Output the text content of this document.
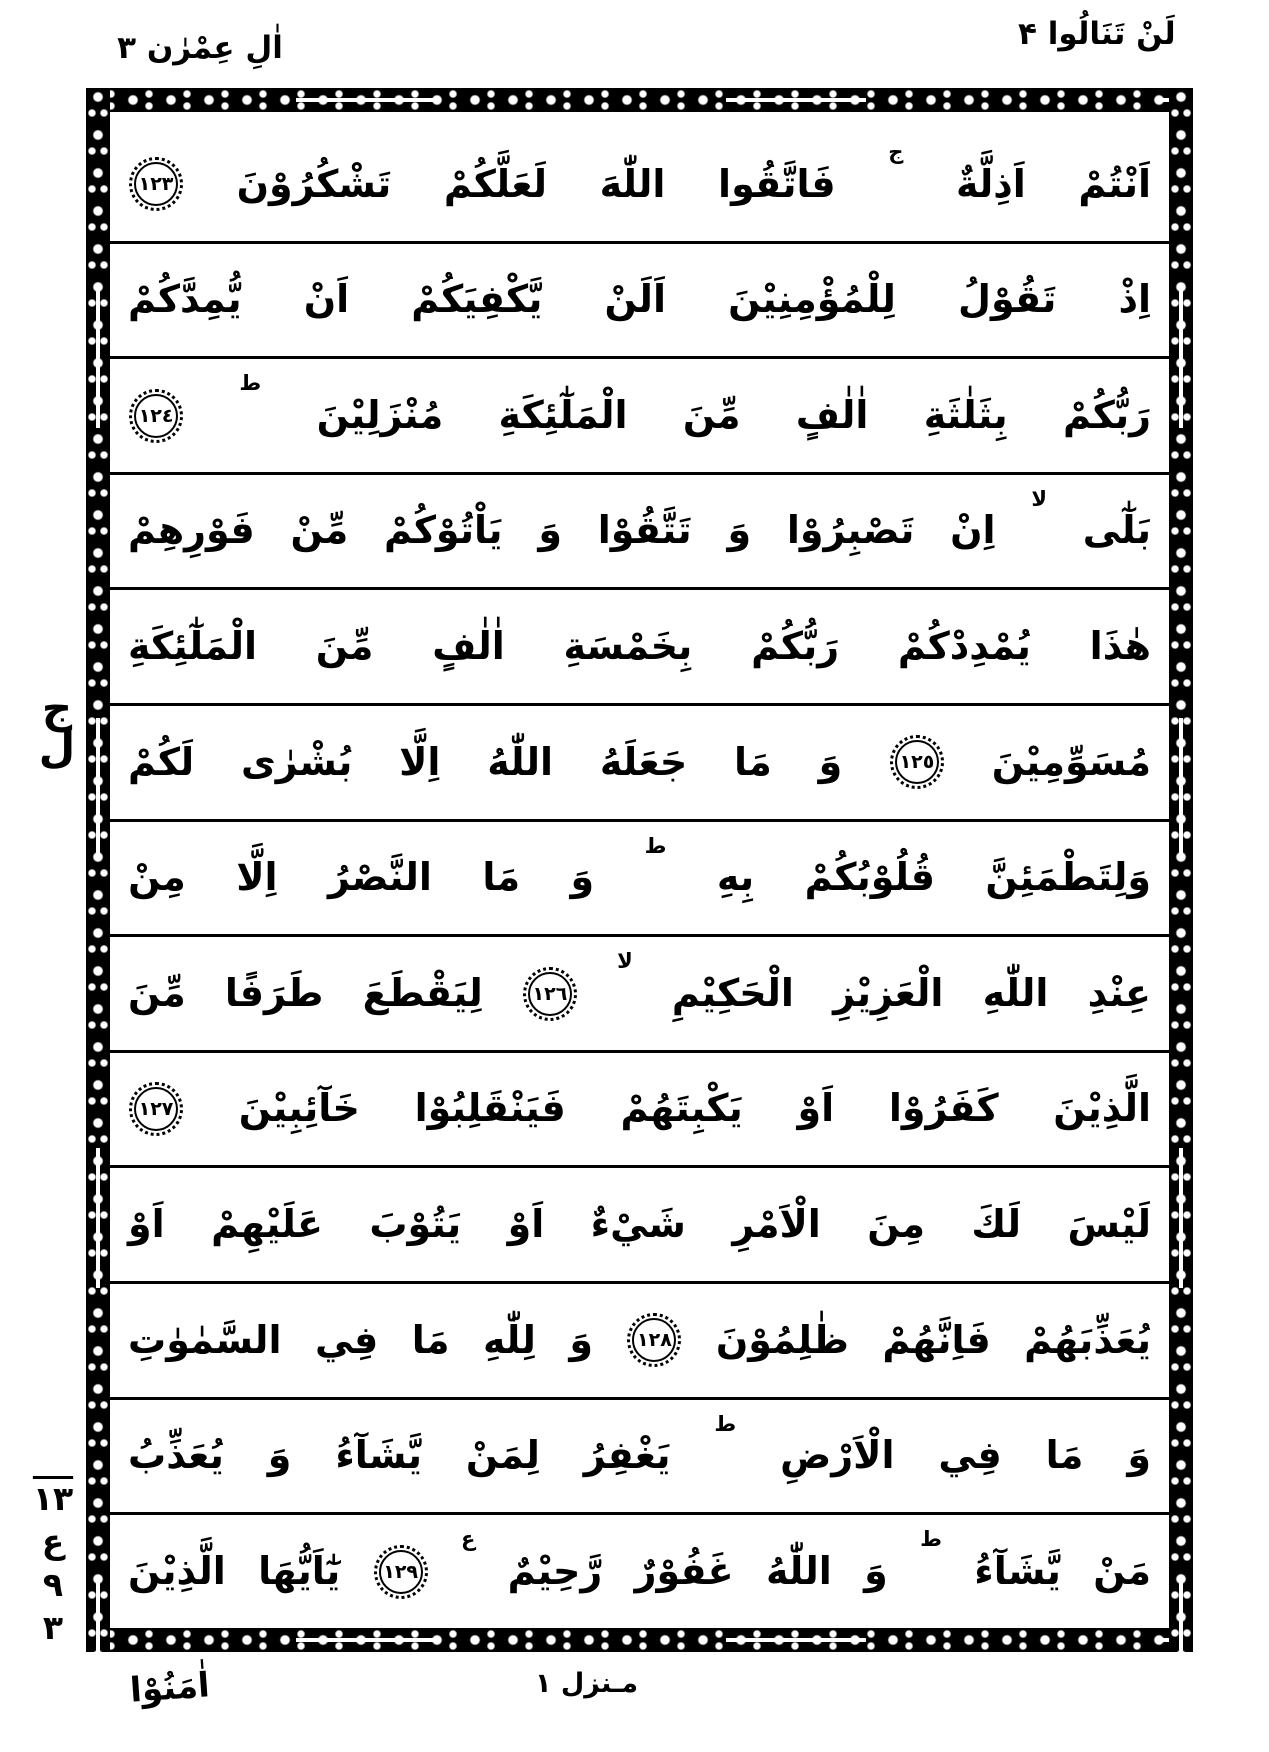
لَنْ تَنَالُوا ۴
اٰلِ عِمْرٰن ۳
اَنْتُمْ
اَذِلَّةٌ
ج
فَاتَّقُوا
اللّٰهَ
لَعَلَّكُمْ
تَشْكُرُوْنَ
١٢٣
اِذْ
تَقُوْلُ
لِلْمُؤْمِنِيْنَ
اَلَنْ
يَّكْفِيَكُمْ
اَنْ
يُّمِدَّكُمْ
رَبُّكُمْ
بِثَلٰثَةِ
اٰلٰفٍ
مِّنَ
الْمَلٰٓئِكَةِ
مُنْزَلِيْنَ
ط
١٢٤
بَلٰٓى
لا
اِنْ
تَصْبِرُوْا
وَ
تَتَّقُوْا
وَ
يَاْتُوْكُمْ
مِّنْ
فَوْرِهِمْ
هٰذَا
يُمْدِدْكُمْ
رَبُّكُمْ
بِخَمْسَةِ
اٰلٰفٍ
مِّنَ
الْمَلٰٓئِكَةِ
مُسَوِّمِيْنَ
١٢٥
وَ
مَا
جَعَلَهُ
اللّٰهُ
اِلَّا
بُشْرٰى
لَكُمْ
وَلِتَطْمَئِنَّ
قُلُوْبُكُمْ
بِهِ
ط
وَ
مَا
النَّصْرُ
اِلَّا
مِنْ
عِنْدِ
اللّٰهِ
الْعَزِيْزِ
الْحَكِيْمِ
لا
١٢٦
لِيَقْطَعَ
طَرَفًا
مِّنَ
الَّذِيْنَ
كَفَرُوْا
اَوْ
يَكْبِتَهُمْ
فَيَنْقَلِبُوْا
خَآئِبِيْنَ
١٢٧
لَيْسَ
لَكَ
مِنَ
الْاَمْرِ
شَيْءٌ
اَوْ
يَتُوْبَ
عَلَيْهِمْ
اَوْ
يُعَذِّبَهُمْ
فَاِنَّهُمْ
ظٰلِمُوْنَ
١٢٨
وَ
لِلّٰهِ
مَا
فِي
السَّمٰوٰتِ
وَ
مَا
فِي
الْاَرْضِ
ط
يَغْفِرُ
لِمَنْ
يَّشَآءُ
وَ
يُعَذِّبُ
مَنْ
يَّشَآءُ
ط
وَ
اللّٰهُ
غَفُوْرٌ
رَّحِيْمٌ
ع
١٢٩
يٰٓاَيُّهَا
الَّذِيْنَ
ج
ل
١٣
ع
٩
٣
مـنزل ۱
اٰمَنُوْا
